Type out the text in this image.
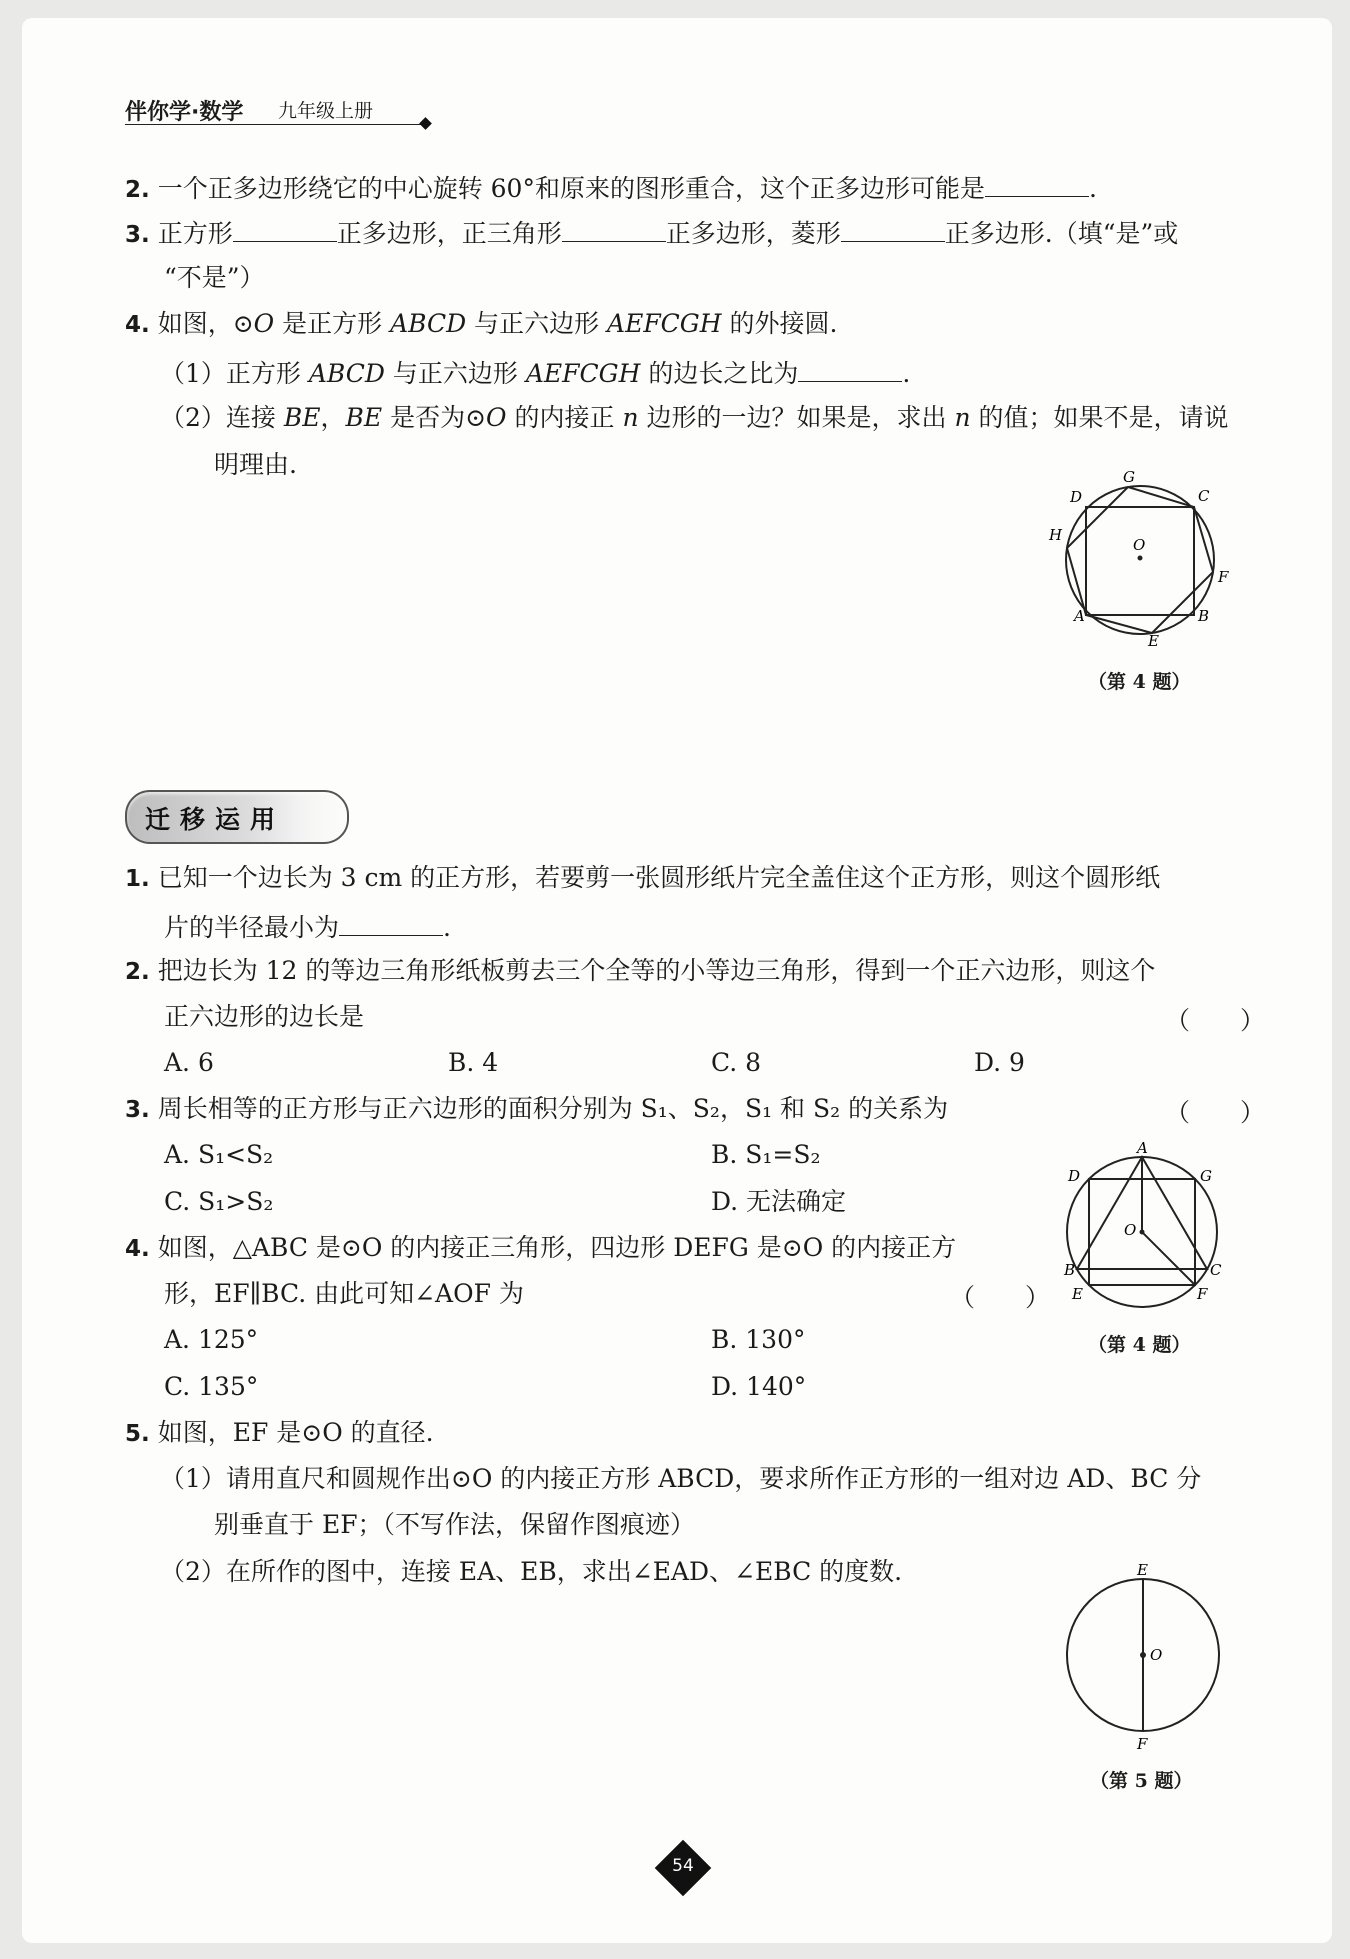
伴你学·数学 九年级上册
2. 一个正多边形绕它的中心旋转 60°和原来的图形重合，这个正多边形可能是	.
3. 正方形	正多边形，正三角形	正多边形，菱形	正多边形.（填“是”或
“不是”）
4. 如图，⊙O 是正方形 ABCD 与正六边形 AEFCGH 的外接圆.
（1）正方形 ABCD 与正六边形 AEFCGH 的边长之比为	.
（2）连接 BE，BE 是否为⊙O 的内接正 n 边形的一边？如果是，求出 n 的值；如果不是，请说
明理由.	G
C
D
H
O
F
A	B
E
（第 4 题）
迁移运用
1. 已知一个边长为 3 cm 的正方形，若要剪一张圆形纸片完全盖住这个正方形，则这个圆形纸
片的半径最小为	.
2. 把边长为 12 的等边三角形纸板剪去三个全等的小等边三角形，得到一个正六边形，则这个
正六边形的边长是	（　　）
A. 6	B. 4	C. 8	D. 9
3. 周长相等的正方形与正六边形的面积分别为 S₁、S₂，S₁ 和 S₂ 的关系为	（　　）
A. S₁<S₂	B. S₁=S₂
C. S₁>S₂	D. 无法确定
4. 如图，△ABC 是⊙O 的内接正三角形，四边形 DEFG 是⊙O 的内接正方
形，EF∥BC. 由此可知∠AOF 为	（　　）
A. 125°	B. 130°
C. 135°	D. 140°
A
D	G
O
B	C
E	F
（第 4 题）
5. 如图，EF 是⊙O 的直径.
（1）请用直尺和圆规作出⊙O 的内接正方形 ABCD，要求所作正方形的一组对边 AD、BC 分
别垂直于 EF；（不写作法，保留作图痕迹）
（2）在所作的图中，连接 EA、EB，求出∠EAD、∠EBC 的度数.	E
O
F
（第 5 题）
54
